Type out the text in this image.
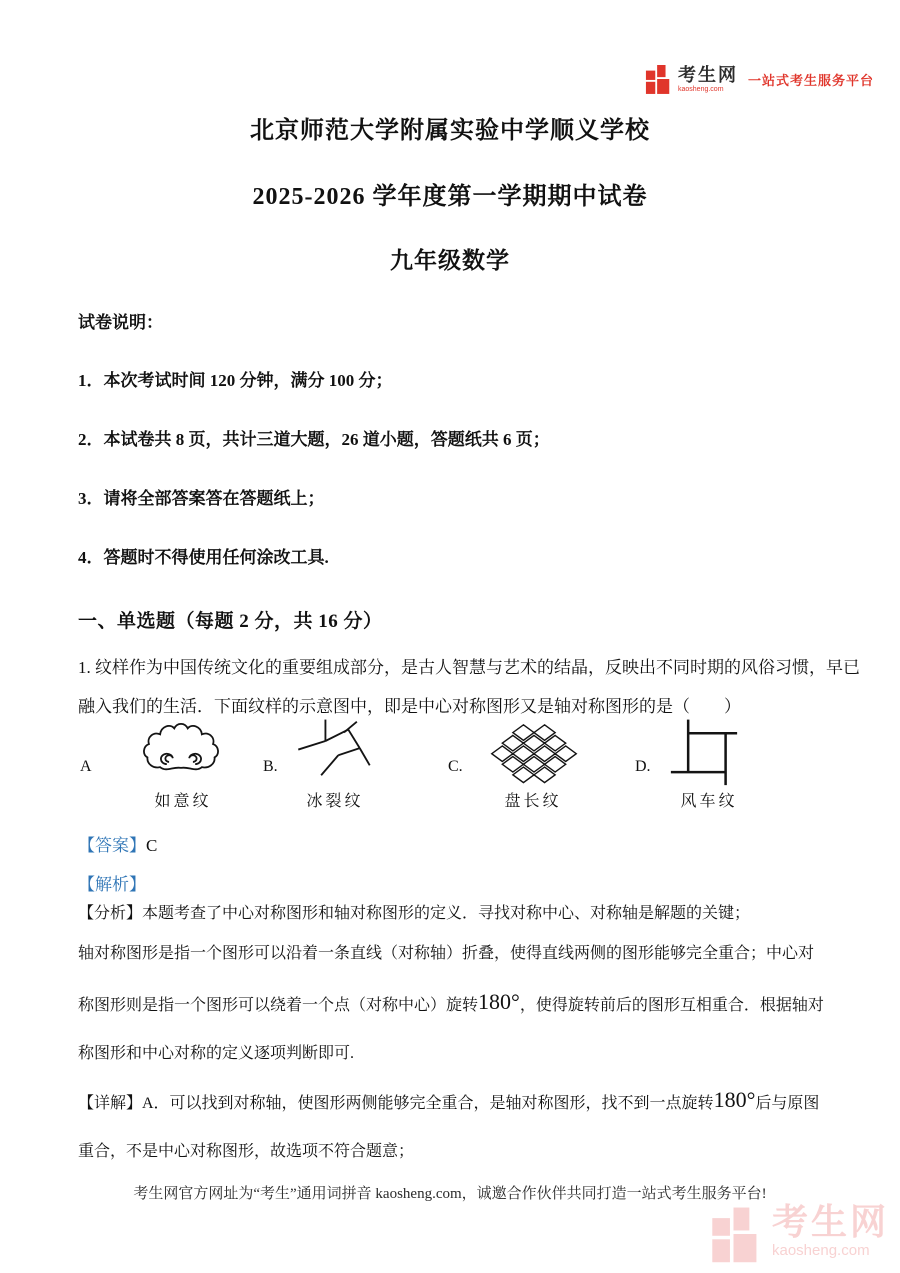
考生网
kaosheng.com
一站式考生服务平台
北京师范大学附属实验中学顺义学校
2025-2026 学年度第一学期期中试卷
九年级数学
试卷说明：
1．本次考试时间 120 分钟，满分 100 分；
2．本试卷共 8 页，共计三道大题，26 道小题，答题纸共 6 页；
3．请将全部答案答在答题纸上；
4．答题时不得使用任何涂改工具.
一、单选题（每题 2 分，共 16 分）
1. 纹样作为中国传统文化的重要组成部分，是古人智慧与艺术的结晶，反映出不同时期的风俗习惯，早已
融入我们的生活．下面纹样的示意图中，即是中心对称图形又是轴对称图形的是（　　）
A
如意纹
B.
冰裂纹
C.
盘长纹
D.
风车纹
【答案】C
【解析】
【分析】本题考查了中心对称图形和轴对称图形的定义．寻找对称中心、对称轴是解题的关键；
轴对称图形是指一个图形可以沿着一条直线（对称轴）折叠，使得直线两侧的图形能够完全重合；中心对
称图形则是指一个图形可以绕着一个点（对称中心）旋转180°，使得旋转前后的图形互相重合．根据轴对
称图形和中心对称的定义逐项判断即可.
【详解】A．可以找到对称轴，使图形两侧能够完全重合，是轴对称图形，找不到一点旋转180°后与原图
重合，不是中心对称图形，故选项不符合题意；
考生网官方网址为“考生”通用词拼音 kaosheng.com，诚邀合作伙伴共同打造一站式考生服务平台!
考生网
kaosheng.com
